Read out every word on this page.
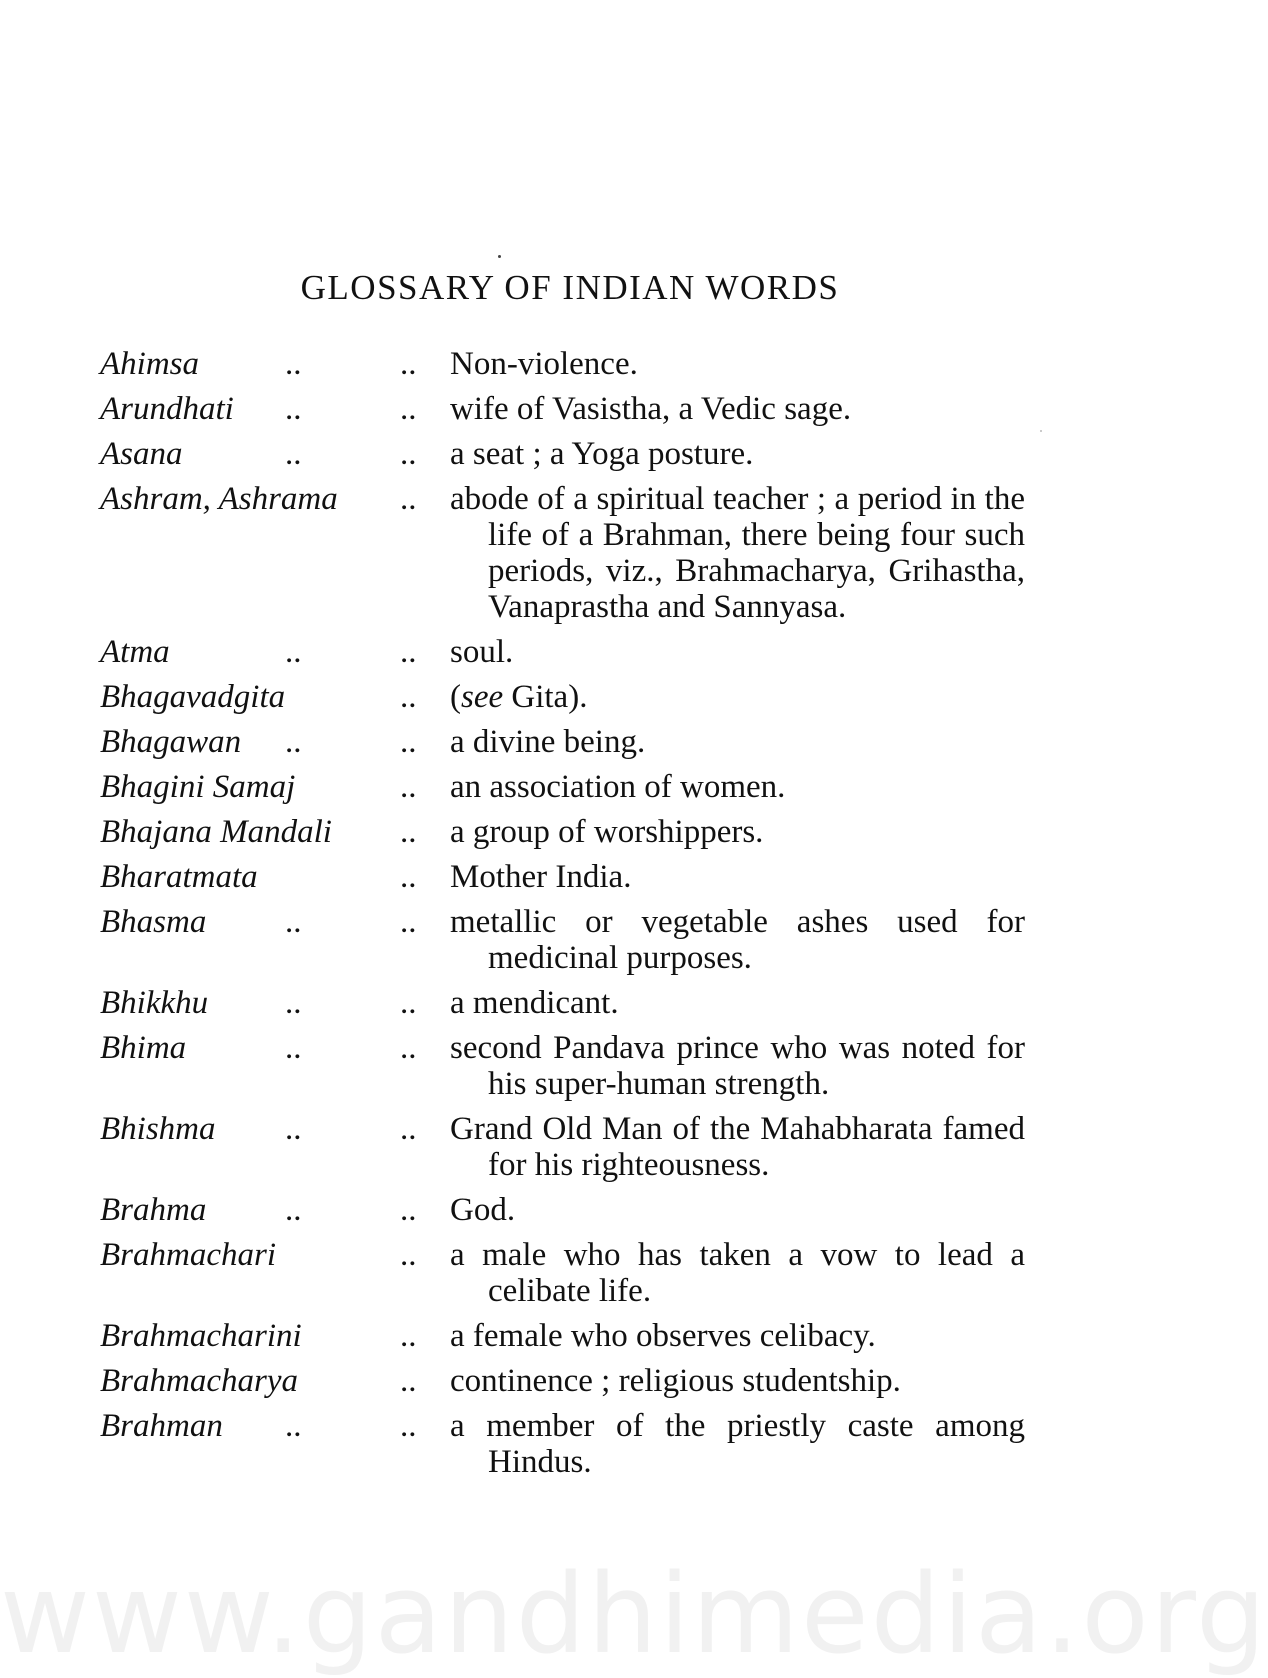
GLOSSARY OF INDIAN WORDS
Ahimsa	..	..	Non-violence.
Arundhati ..	..	wife of Vasistha, a Vedic sage.
Asana	..	..	a seat ; a Yoga posture.
Ashram, Ashrama	..	abode of a spiritual teacher ; a period in the life of a Brahman, there being four such periods, viz., Brahmacharya, Grihastha, Vanaprastha and Sannyasa.
Atma	..	..	soul.
Bhagavadgita	..	(see Gita).
Bhagawan ..	..	a divine being.
Bhagini Samaj	..	an association of women.
Bhajana Mandali	..	a group of worshippers.
Bharatmata	..	Mother India.
Bhasma ..	..	metallic or vegetable ashes used for medicinal purposes.
Bhikkhu ..	..	a mendicant.
Bhima	..	..	second Pandava prince who was noted for his super-human strength.
Bhishma ..	..	Grand Old Man of the Mahabharata famed for his righteousness.
Brahma ..	..	God.
Brahmachari	..	a male who has taken a vow to lead a celibate life.
Brahmacharini	..	a female who observes celibacy.
Brahmacharya	..	continence ; religious studentship.
Brahman ..	..	a member of the priestly caste among Hindus.
www.gandhimedia.org
